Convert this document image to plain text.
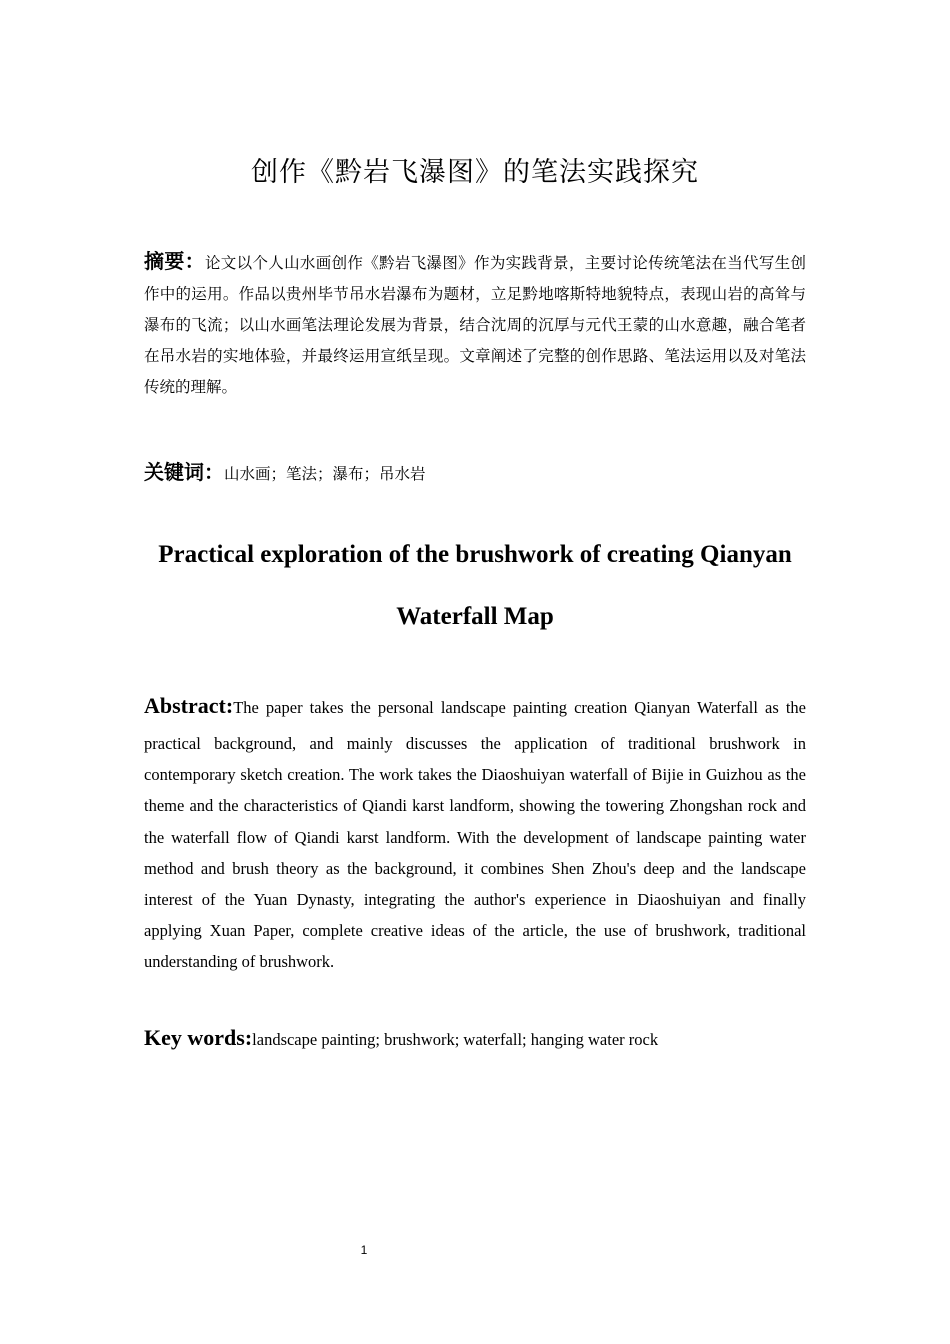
创作《黔岩飞瀑图》的笔法实践探究
摘要：论文以个人山水画创作《黔岩飞瀑图》作为实践背景，主要讨论传统笔法在当代写生创作中的运用。作品以贵州毕节吊水岩瀑布为题材，立足黔地喀斯特地貌特点，表现山岩的高耸与瀑布的飞流；以山水画笔法理论发展为背景，结合沈周的沉厚与元代王蒙的山水意趣，融合笔者在吊水岩的实地体验，并最终运用宣纸呈现。文章阐述了完整的创作思路、笔法运用以及对笔法传统的理解。
关键词：山水画；笔法；瀑布；吊水岩
Practical exploration of the brushwork of creating Qianyan Waterfall Map
Abstract:The paper takes the personal landscape painting creation Qianyan Waterfall as the
practical background, and mainly discusses the application of traditional brushwork in contemporary sketch creation. The work takes the Diaoshuiyan waterfall of Bijie in Guizhou as the theme and the characteristics of Qiandi karst landform, showing the towering Zhongshan rock and the waterfall flow of Qiandi karst landform. With the development of landscape painting water method and brush theory as the background, it combines Shen Zhou's deep and the landscape interest of the Yuan Dynasty, integrating the author's experience in Diaoshuiyan and finally applying Xuan Paper, complete creative ideas of the article, the use of brushwork, traditional understanding of brushwork.
Key words:landscape painting; brushwork; waterfall; hanging water rock
1
